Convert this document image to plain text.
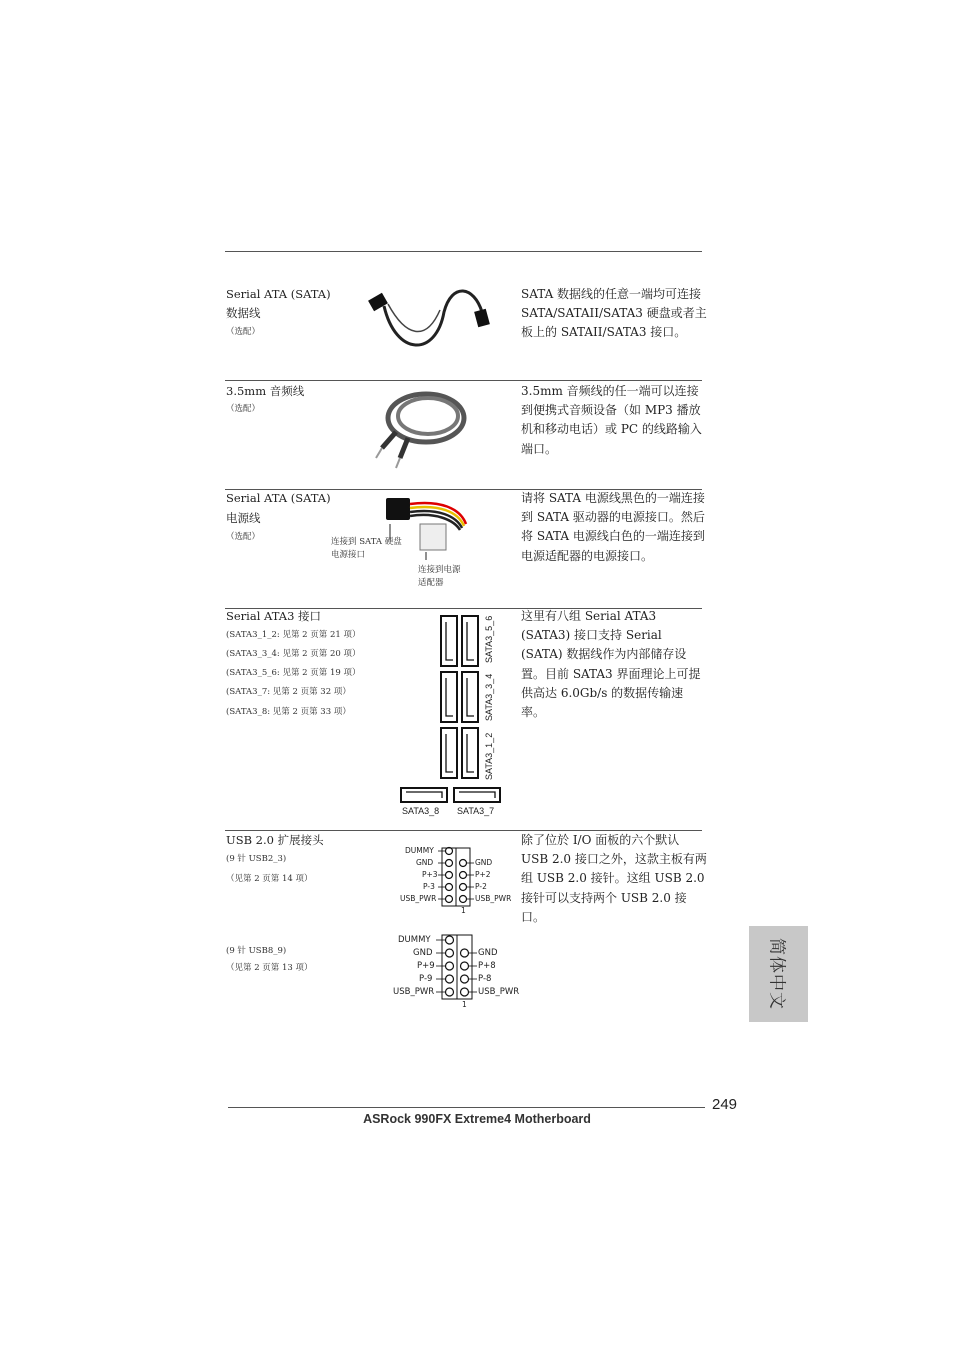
Serial ATA (SATA)
数据线
（选配）
SATA 数据线的任意一端均可连接 SATA/SATAII/SATA3 硬盘或者主板上的 SATAII/SATA3 接口。
3.5mm 音频线
（选配）
3.5mm 音频线的任一端可以连接到便携式音频设备（如 MP3 播放机和移动电话）或 PC 的线路输入端口。
Serial ATA (SATA)
电源线
（选配）	连接到 SATA 硬盘
电源接口
连接到电源
适配器
请将 SATA 电源线黑色的一端连接到 SATA 驱动器的电源接口。然后将 SATA 电源线白色的一端连接到电源适配器的电源接口。
Serial ATA3 接口
(SATA3_1_2: 见第 2 页第 21 项）
(SATA3_3_4: 见第 2 页第 20 项）
(SATA3_5_6: 见第 2 页第 19 项）
(SATA3_7: 见第 2 页第 32 项）
(SATA3_8: 见第 2 页第 33 项）
SATA3_5_6
SATA3_3_4
SATA3_1_2
SATA3_8 SATA3_7
这里有八组 Serial ATA3 (SATA3) 接口支持 Serial (SATA) 数据线作为内部储存设置。目前 SATA3 界面理论上可提供高达 6.0Gb/s 的数据传输速率。
USB 2.0 扩展接头
(9 针 USB2_3)
（见第 2 页第 14 项）
DUMMY
GND
P+3
P-3
USB_PWR
GND
P+2
P-2
USB_PWR
1
除了位於 I/O 面板的六个默认 USB 2.0 接口之外，这款主板有两组 USB 2.0 接针。这组 USB 2.0 接针可以支持两个 USB 2.0 接口。
(9 针 USB8_9)
（见第 2 页第 13 项）
DUMMY
GND
P+9
P-9
USB_PWR
GND
P+8
P-8
USB_PWR
1	简体中文
249
ASRock 990FX Extreme4 Motherboard
